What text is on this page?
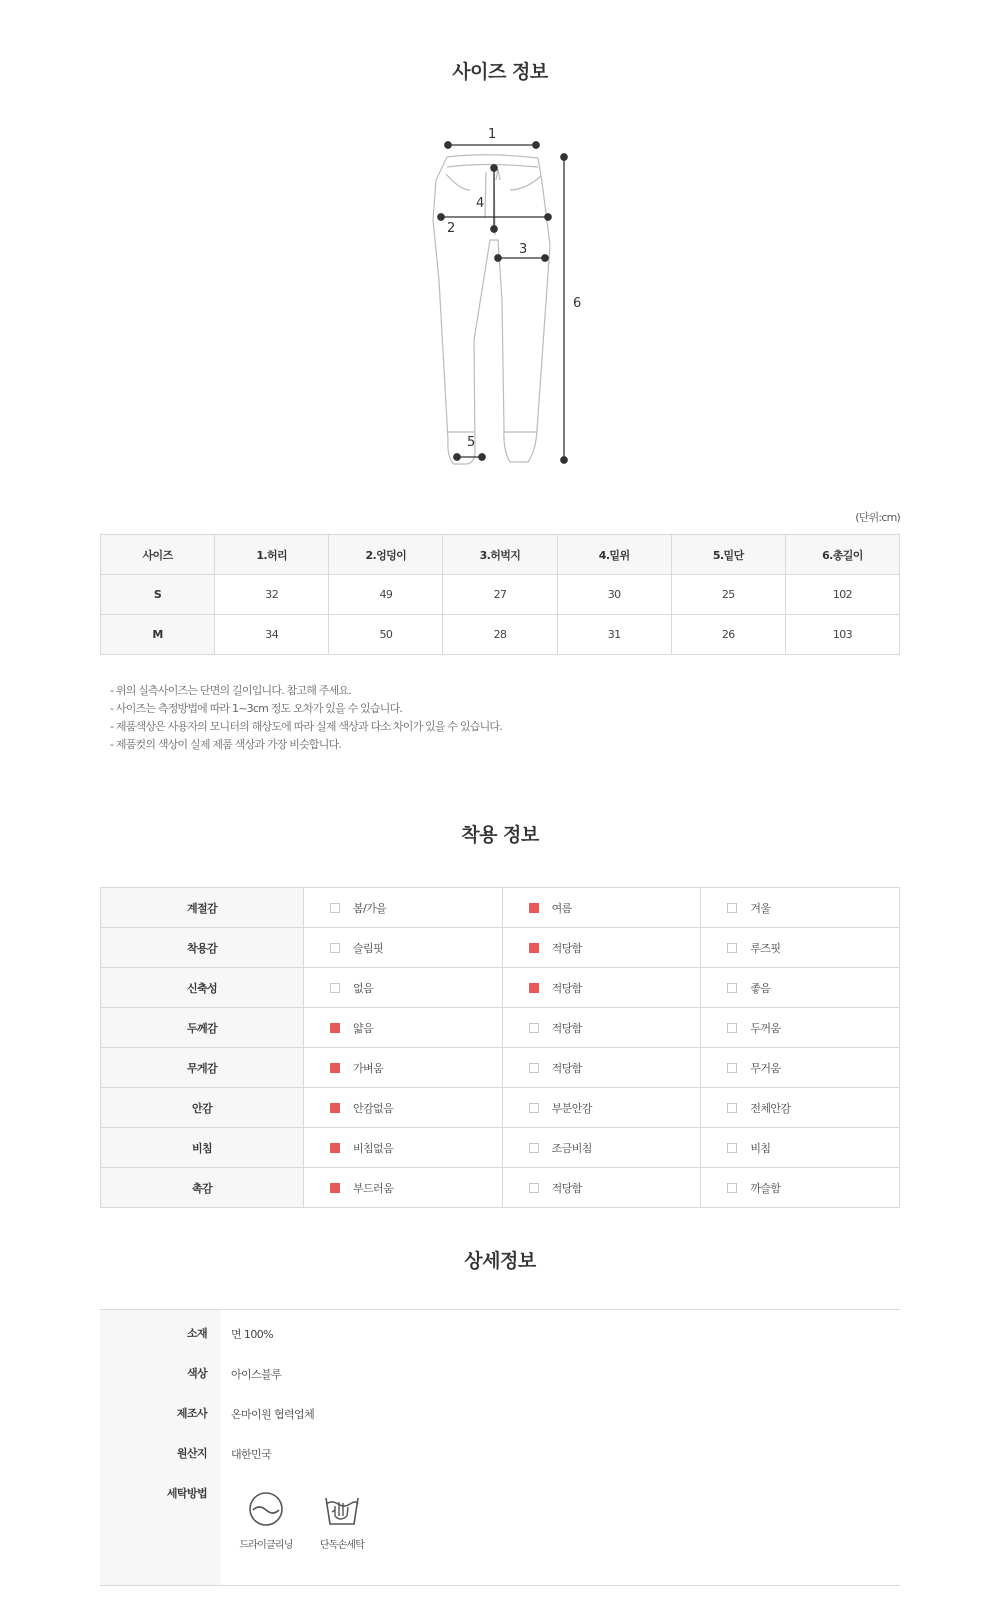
사이즈 정보
1
2
3
4
5
6
(단위:cm)
사이즈	1.허리	2.엉덩이	3.허벅지	4.밑위	5.밑단	6.총길이
S	32	49	27	30	25	102
M	34	50	28	31	26	103
- 위의 실측사이즈는 단면의 길이입니다. 참고해 주세요.
- 사이즈는 측정방법에 따라 1~3cm 정도 오차가 있을 수 있습니다.
- 제품색상은 사용자의 모니터의 해상도에 따라 실제 색상과 다소 차이가 있을 수 있습니다.
- 제품컷의 색상이 실제 제품 색상과 가장 비슷합니다.
착용 정보
계절감	봄/가을	여름	겨울
착용감	슬림핏	적당함	루즈핏
신축성	없음	적당함	좋음
두께감	얇음	적당함	두꺼움
무게감	가벼움	적당함	무거움
안감	안감없음	부분안감	전체안감
비침	비침없음	조금비침	비침
촉감	부드러움	적당함	까슬함
상세정보
소재 면 100%
색상 아이스블루
제조사 온마이원 협력업체
원산지 대한민국
세탁방법
드라이클리닝	단독손세탁
